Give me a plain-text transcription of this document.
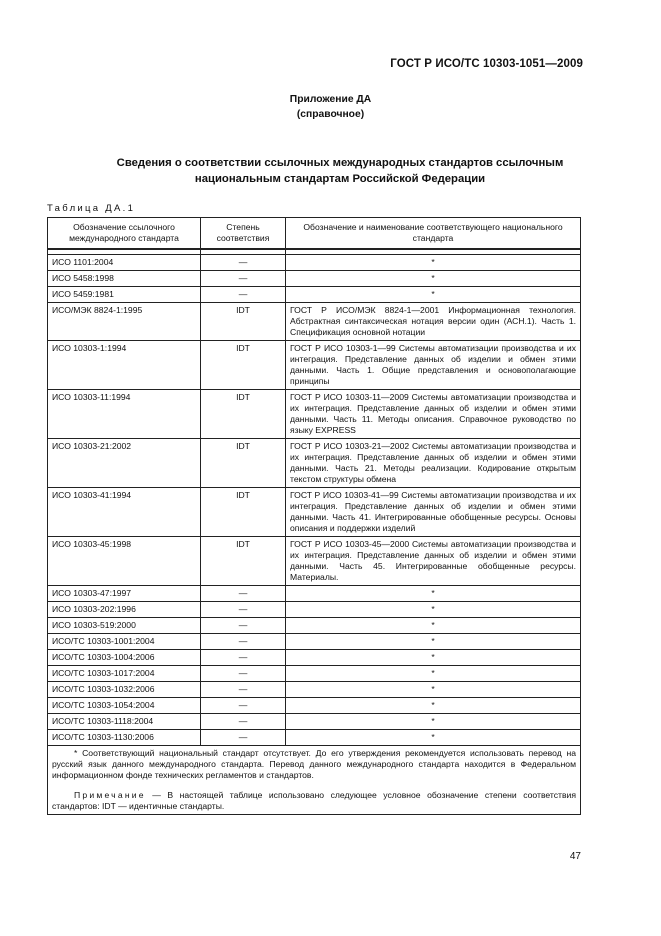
ГОСТ Р ИСО/ТС 10303-1051—2009
Приложение ДА
(справочное)
Сведения о соответствии ссылочных международных стандартов ссылочным
национальным стандартам Российской Федерации
Таблица ДА.1
Обозначение ссылочного международного стандарта	Степень соответствия	Обозначение и наименование соответствующего национального стандарта

ИСО 1101:2004	—	*
ИСО 5458:1998	—	*
ИСО 5459:1981	—	*
ИСО/МЭК 8824-1:1995	IDT	ГОСТ Р ИСО/МЭК 8824-1—2001 Информационная технология. Абстрактная синтаксическая нотация версии один (АСН.1). Часть 1. Спецификация основной нотации
ИСО 10303-1:1994	IDT	ГОСТ Р ИСО 10303-1—99 Системы автоматизации производства и их интеграция. Представление данных об изделии и обмен этими данными. Часть 1. Общие представления и основополагающие принципы
ИСО 10303-11:1994	IDT	ГОСТ Р ИСО 10303-11—2009 Системы автоматизации производства и их интеграция. Представление данных об изделии и обмен этими данными. Часть 11. Методы описания. Справочное руководство по языку EXPRESS
ИСО 10303-21:2002	IDT	ГОСТ Р ИСО 10303-21—2002 Системы автоматизации производства и их интеграция. Представление данных об изделии и обмен этими данными. Часть 21. Методы реализации. Кодирование открытым текстом структуры обмена
ИСО 10303-41:1994	IDT	ГОСТ Р ИСО 10303-41—99 Системы автоматизации производства и их интеграция. Представление данных об изделии и обмен этими данными. Часть 41. Интегрированные обобщенные ресурсы. Основы описания и поддержки изделий
ИСО 10303-45:1998	IDT	ГОСТ Р ИСО 10303-45—2000 Системы автоматизации производства и их интеграция. Представление данных об изделии и обмен этими данными. Часть 45. Интегрированные обобщенные ресурсы. Материалы.
ИСО 10303-47:1997	—	*
ИСО 10303-202:1996	—	*
ИСО 10303-519:2000	—	*
ИСО/ТС 10303-1001:2004	—	*
ИСО/ТС 10303-1004:2006	—	*
ИСО/ТС 10303-1017:2004	—	*
ИСО/ТС 10303-1032:2006	—	*
ИСО/ТС 10303-1054:2004	—	*
ИСО/ТС 10303-1118:2004	—	*
ИСО/ТС 10303-1130:2006	—	*

* Соответствующий национальный стандарт отсутствует. До его утверждения рекомендуется использовать перевод на русский язык данного международного стандарта. Перевод данного международного стандарта находится в Федеральном информационном фонде технических регламентов и стандартов.

Примечание — В настоящей таблице использовано следующее условное обозначение степени соответствия стандартов: IDT — идентичные стандарты.		

47
